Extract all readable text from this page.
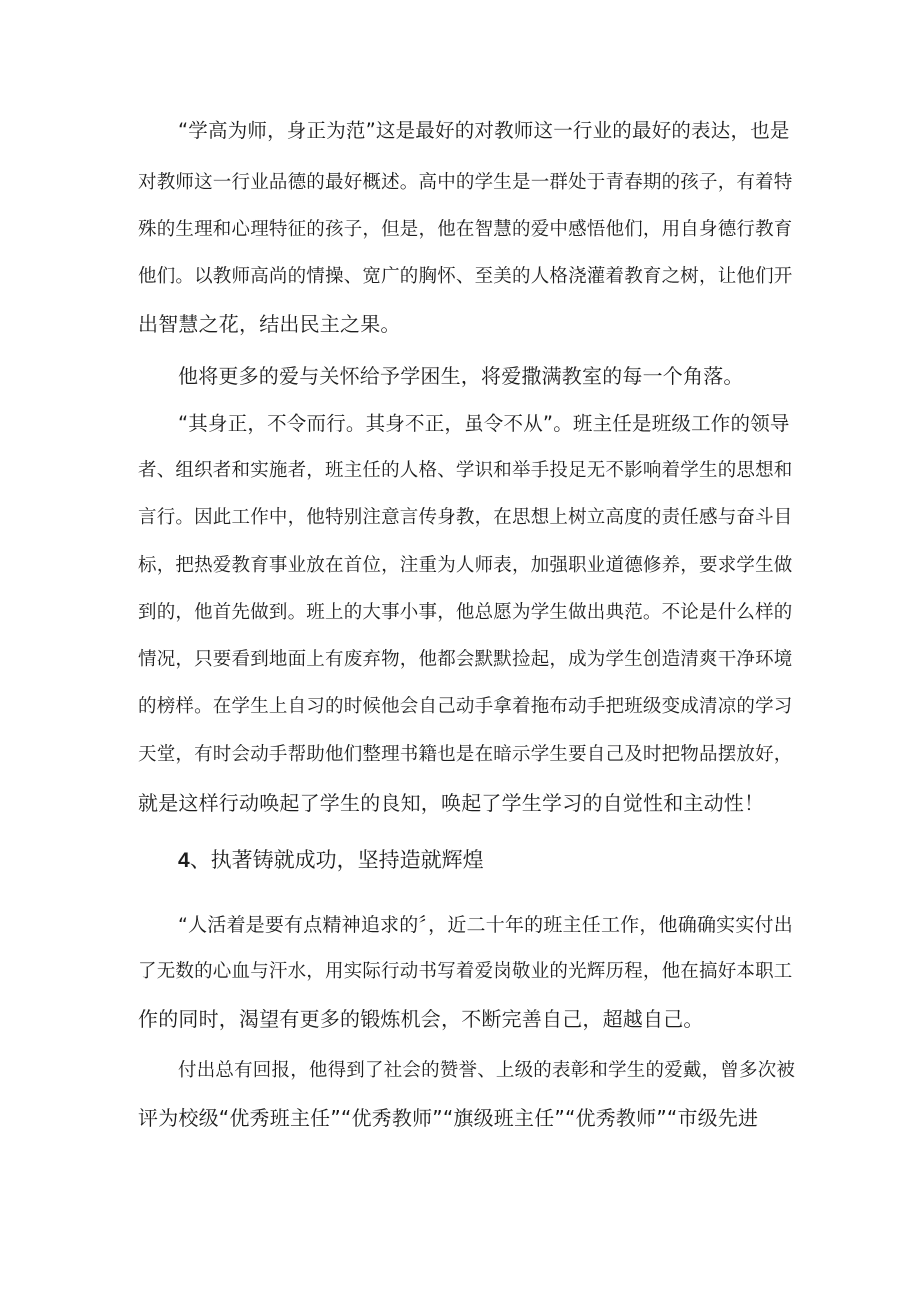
“学高为师，身正为范”这是最好的对教师这一行业的最好的表达，也是
对教师这一行业品德的最好概述。高中的学生是一群处于青春期的孩子，有着特
殊的生理和心理特征的孩子，但是，他在智慧的爱中感悟他们，用自身德行教育
他们。以教师高尚的情操、宽广的胸怀、至美的人格浇灌着教育之树，让他们开
出智慧之花，结出民主之果。
他将更多的爱与关怀给予学困生，将爱撒满教室的每一个角落。
“其身正，不令而行。其身不正，虽令不从”。班主任是班级工作的领导
者、组织者和实施者，班主任的人格、学识和举手投足无不影响着学生的思想和
言行。因此工作中，他特别注意言传身教，在思想上树立高度的责任感与奋斗目
标，把热爱教育事业放在首位，注重为人师表，加强职业道德修养，要求学生做
到的，他首先做到。班上的大事小事，他总愿为学生做出典范。不论是什么样的
情况，只要看到地面上有废弃物，他都会默默捡起，成为学生创造清爽干净环境
的榜样。在学生上自习的时候他会自己动手拿着拖布动手把班级变成清凉的学习
天堂，有时会动手帮助他们整理书籍也是在暗示学生要自己及时把物品摆放好，
就是这样行动唤起了学生的良知，唤起了学生学习的自觉性和主动性！
4、执著铸就成功，坚持造就辉煌
“人活着是要有点精神追求的〞，近二十年的班主任工作，他确确实实付出
了无数的心血与汗水，用实际行动书写着爱岗敬业的光辉历程，他在搞好本职工
作的同时，渴望有更多的锻炼机会，不断完善自己，超越自己。
付出总有回报，他得到了社会的赞誉、上级的表彰和学生的爱戴，曾多次被
评为校级“优秀班主任”“优秀教师”“旗级班主任”“优秀教师”“市级先进
